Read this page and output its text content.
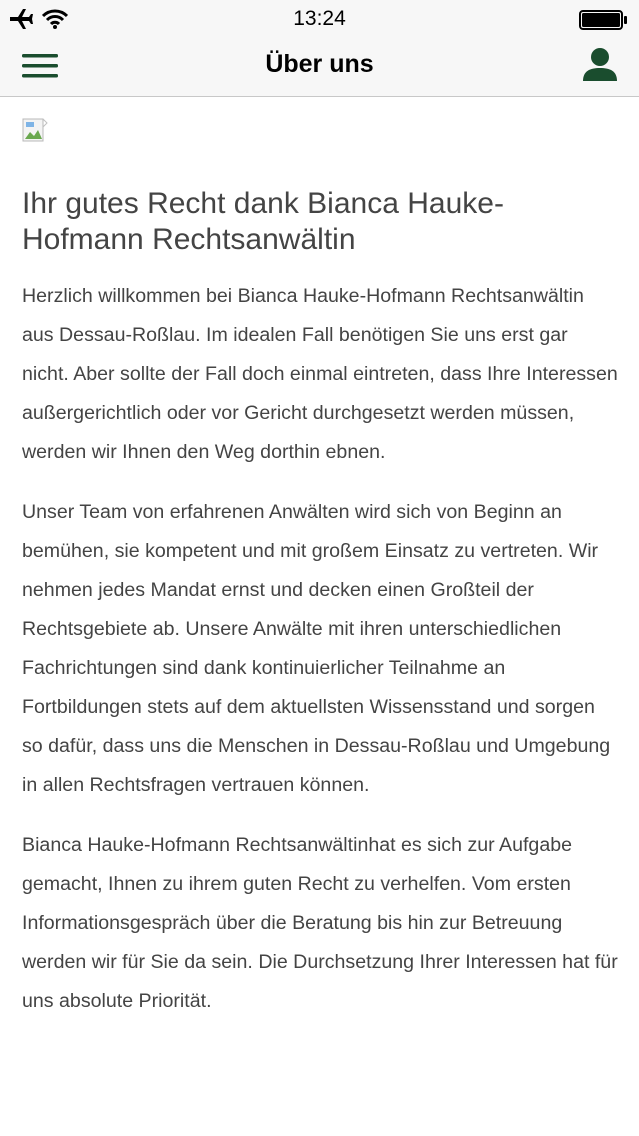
13:24
Über uns
Ihr gutes Recht dank Bianca Hauke-Hofmann Rechtsanwältin

Herzlich willkommen bei Bianca Hauke-Hofmann Rechtsanwältin aus Dessau-Roßlau. Im idealen Fall benötigen Sie uns erst gar nicht. Aber sollte der Fall doch einmal eintreten, dass Ihre Interessen außergerichtlich oder vor Gericht durchgesetzt werden müssen, werden wir Ihnen den Weg dorthin ebnen.

Unser Team von erfahrenen Anwälten wird sich von Beginn an bemühen, sie kompetent und mit großem Einsatz zu vertreten. Wir nehmen jedes Mandat ernst und decken einen Großteil der Rechtsgebiete ab. Unsere Anwälte mit ihren unterschiedlichen Fachrichtungen sind dank kontinuierlicher Teilnahme an Fortbildungen stets auf dem aktuellsten Wissensstand und sorgen so dafür, dass uns die Menschen in Dessau-Roßlau und Umgebung in allen Rechtsfragen vertrauen können.

Bianca Hauke-Hofmann Rechtsanwältinhat es sich zur Aufgabe gemacht, Ihnen zu ihrem guten Recht zu verhelfen. Vom ersten Informationsgespräch über die Beratung bis hin zur Betreuung werden wir für Sie da sein. Die Durchsetzung Ihrer Interessen hat für uns absolute Priorität.
